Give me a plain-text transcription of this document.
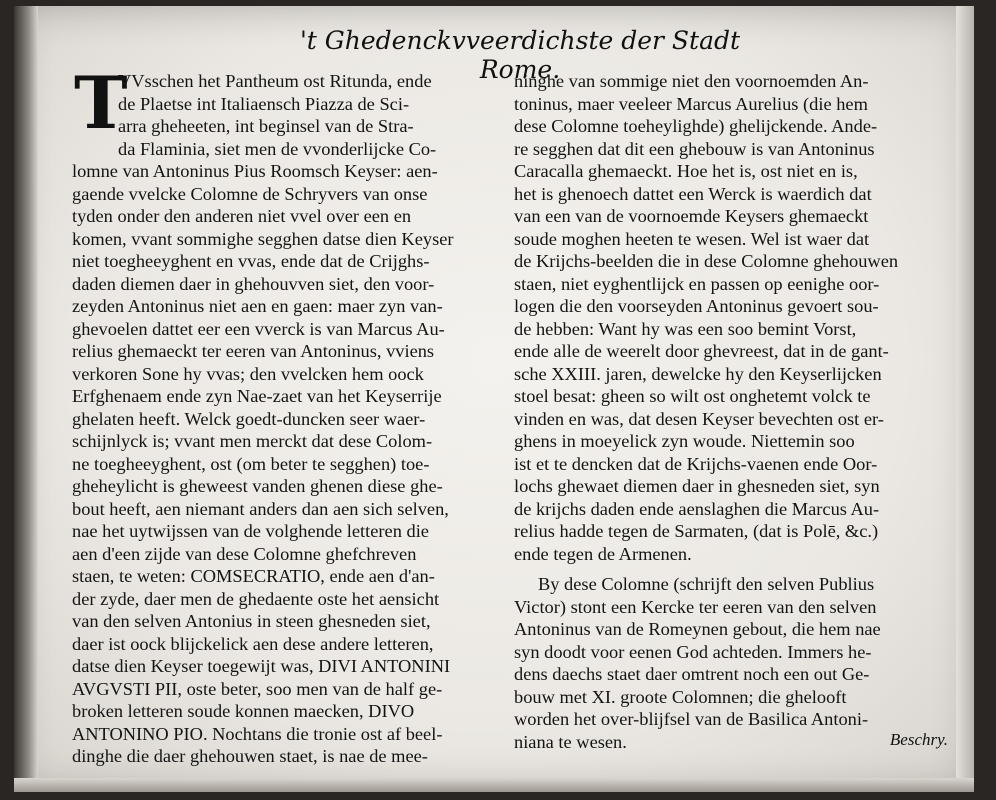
't Ghedenckvveerdichste der Stadt Rome.
T
VVsschen het Pantheum ost Ritunda, ende
de Plaetse int Italiaensch Piazza de Sci-
arra gheheeten, int beginsel van de Stra-
da Flaminia, siet men de vvonderlijcke Co-
lomne van Antoninus Pius Roomsch Keyser: aen-
gaende vvelcke Colomne de Schryvers van onse
tyden onder den anderen niet vvel over een en
komen, vvant sommighe segghen datse dien Keyser
niet toegheeyghent en vvas, ende dat de Crijghs-
daden diemen daer in ghehouvven siet, den voor-
zeyden Antoninus niet aen en gaen: maer zyn van-
ghevoelen dattet eer een vverck is van Marcus Au-
relius ghemaeckt ter eeren van Antoninus, vviens
verkoren Sone hy vvas; den vvelcken hem oock
Erfghenaem ende zyn Nae-zaet van het Keyserrije
ghelaten heeft. Welck goedt-duncken seer waer-
schijnlyck is; vvant men merckt dat dese Colom-
ne toegheeyghent, ost (om beter te segghen) toe-
gheheylicht is gheweest vanden ghenen diese ghe-
bout heeft, aen niemant anders dan aen sich selven,
nae het uytwijssen van de volghende letteren die
aen d'een zijde van dese Colomne ghefchreven
staen, te weten: COMSECRATIO, ende aen d'an-
der zyde, daer men de ghedaente oste het aensicht
van den selven Antonius in steen ghesneden siet,
daer ist oock blijckelick aen dese andere letteren,
datse dien Keyser toegewijt was, DIVI ANTONINI
AVGVSTI PII, oste beter, soo men van de half ge-
broken letteren soude konnen maecken, DIVO
ANTONINO PIO. Nochtans die tronie ost af beel-
dinghe die daer ghehouwen staet, is nae de mee-
ninghe van sommige niet den voornoemden An-
toninus, maer veeleer Marcus Aurelius (die hem
dese Colomne toeheylighde) ghelijckende. Ande-
re segghen dat dit een ghebouw is van Antoninus
Caracalla ghemaeckt. Hoe het is, ost niet en is,
het is ghenoech dattet een Werck is waerdich dat
van een van de voornoemde Keysers ghemaeckt
soude moghen heeten te wesen. Wel ist waer dat
de Krijchs-beelden die in dese Colomne ghehouwen
staen, niet eyghentlijck en passen op eenighe oor-
logen die den voorseyden Antoninus gevoert sou-
de hebben: Want hy was een soo bemint Vorst,
ende alle de weerelt door ghevreest, dat in de gant-
sche XXIII. jaren, dewelcke hy den Keyserlijcken
stoel besat: gheen so wilt ost onghetemt volck te
vinden en was, dat desen Keyser bevechten ost er-
ghens in moeyelick zyn woude. Niettemin soo
ist et te dencken dat de Krijchs-vaenen ende Oor-
lochs ghewaet diemen daer in ghesneden siet, syn
de krijchs daden ende aenslaghen die Marcus Au-
relius hadde tegen de Sarmaten, (dat is Polē, &c.)
ende tegen de Armenen.
By dese Colomne (schrijft den selven Publius
Victor) stont een Kercke ter eeren van den selven
Antoninus van de Romeynen gebout, die hem nae
syn doodt voor eenen God achteden. Immers he-
dens daechs staet daer omtrent noch een out Ge-
bouw met XI. groote Colomnen; die ghelooft
worden het over-blijfsel van de Basilica Antoni-
niana te wesen.	Beschry.
